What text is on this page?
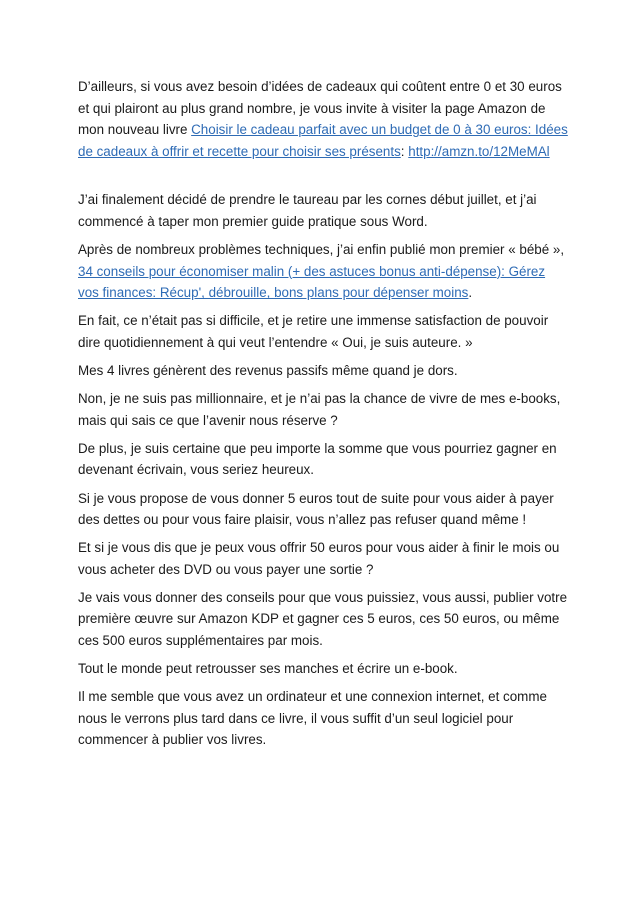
D’ailleurs, si vous avez besoin d’idées de cadeaux qui coûtent entre 0 et 30 euros et qui plairont au plus grand nombre, je vous invite à visiter la page Amazon de mon nouveau livre Choisir le cadeau parfait avec un budget de 0 à 30 euros: Idées de cadeaux à offrir et recette pour choisir ses présents: http://amzn.to/12MeMAl

J’ai finalement décidé de prendre le taureau par les cornes début juillet, et j’ai commencé à taper mon premier guide pratique sous Word.

Après de nombreux problèmes techniques, j’ai enfin publié mon premier « bébé », 34 conseils pour économiser malin (+ des astuces bonus anti-dépense): Gérez vos finances: Récup', débrouille, bons plans pour dépenser moins.

En fait, ce n’était pas si difficile, et je retire une immense satisfaction de pouvoir dire quotidiennement à qui veut l’entendre « Oui, je suis auteure. »

Mes 4 livres génèrent des revenus passifs même quand je dors.

Non, je ne suis pas millionnaire, et je n’ai pas la chance de vivre de mes e-books, mais qui sais ce que l’avenir nous réserve ?

De plus, je suis certaine que peu importe la somme que vous pourriez gagner en devenant écrivain, vous seriez heureux.

Si je vous propose de vous donner 5 euros tout de suite pour vous aider à payer des dettes ou pour vous faire plaisir, vous n’allez pas refuser quand même !

Et si je vous dis que je peux vous offrir 50 euros pour vous aider à finir le mois ou vous acheter des DVD ou vous payer une sortie ?

Je vais vous donner des conseils pour que vous puissiez, vous aussi, publier votre première œuvre sur Amazon KDP et gagner ces 5 euros, ces 50 euros, ou même ces 500 euros supplémentaires par mois.

Tout le monde peut retrousser ses manches et écrire un e-book.

Il me semble que vous avez un ordinateur et une connexion internet, et comme nous le verrons plus tard dans ce livre, il vous suffit d’un seul logiciel pour commencer à publier vos livres.
